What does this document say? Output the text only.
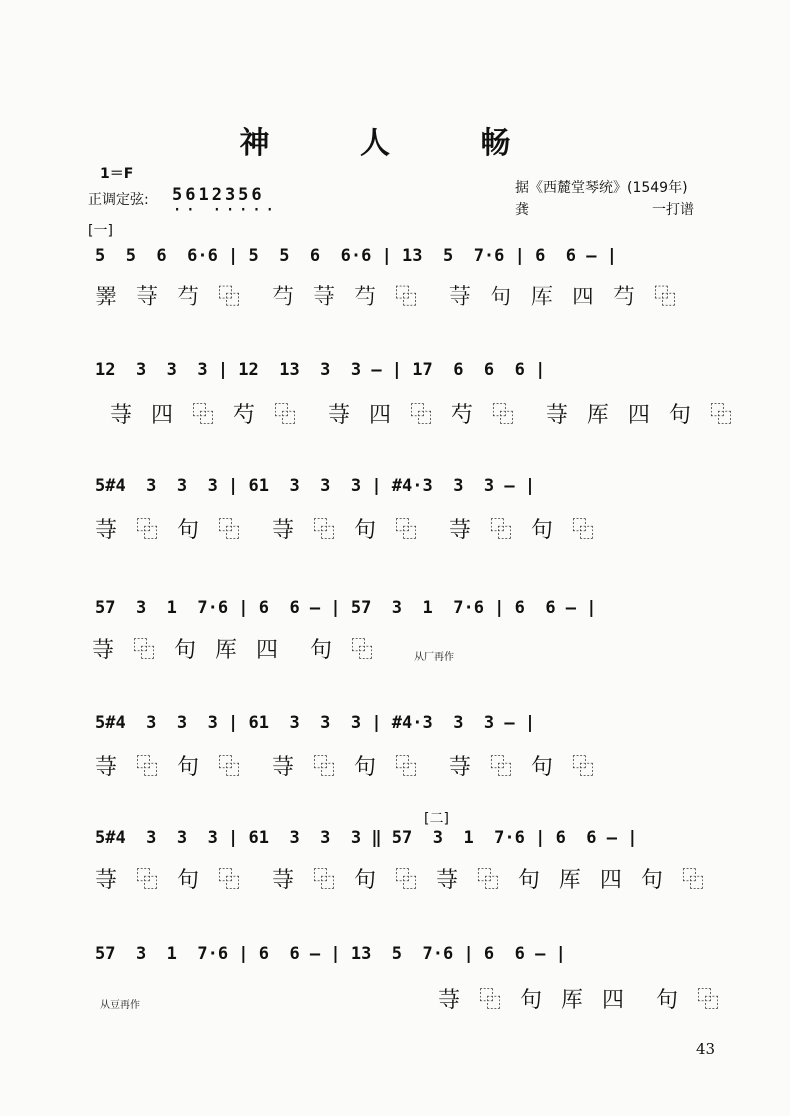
神 人 畅
1＝F
正调定弦: 5612356
·· ·····
据《西麓堂琴统》(1549年)
龚	一打谱
[一]
[二]
5  5  6  6·6 | 5  5  6  6·6 | 13  5  7·6 | 6  6 — |
𢍰 䒭 芍 ⿻  芍 䒭 芍 ⿻  䒭 句 厍 四 芍 ⿻
12  3  3  3 | 12  13  3  3 — | 17  6  6  6 |
䒭 四 ⿻ 芍 ⿻  䒭 四 ⿻ 芍 ⿻  䒭 厍 四 句 ⿻
5#4  3  3  3 | 61  3  3  3 | #4·3  3  3 — |
䒭 ⿻ 句 ⿻  䒭 ⿻ 句 ⿻  䒭 ⿻ 句 ⿻
57  3  1  7·6 | 6  6 — | 57  3  1  7·6 | 6  6 — |
䒭 ⿻ 句 厍 四  句 ⿻	从厂再作
5#4  3  3  3 | 61  3  3  3 | #4·3  3  3 — |
䒭 ⿻ 句 ⿻  䒭 ⿻ 句 ⿻  䒭 ⿻ 句 ⿻
5#4  3  3  3 | 61  3  3  3 ‖ 57  3  1  7·6 | 6  6 — |
䒭 ⿻ 句 ⿻  䒭 ⿻ 句 ⿻ 䒭 ⿻ 句 厍 四 句 ⿻
57  3  1  7·6 | 6  6 — | 13  5  7·6 | 6  6 — |
从豆再作	䒭 ⿻ 句 厍 四  句 ⿻
43
